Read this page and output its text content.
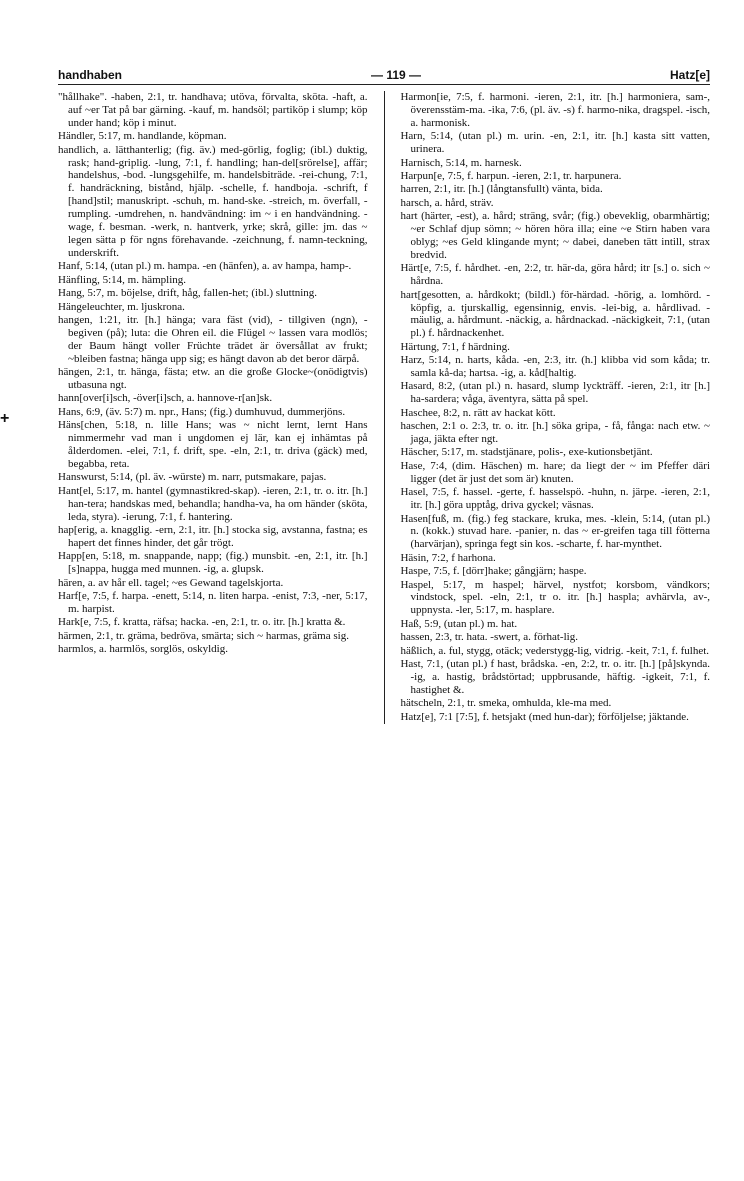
handhaben	— 119 —	Hatz[e]

"hållhake". -haben, 2:1, tr. handhava; utöva, förvalta, sköta. -haft, a. auf ~er Tat på bar gärning. -kauf, m. handsöl; partiköp i slump; köp under hand; köp i minut.

Händler, 5:17, m. handlande, köpman.

handlich, a. lätthanterlig; (fig. äv.) med-görlig, foglig; (ibl.) duktig, rask; hand-griplig. -lung, 7:1, f. handling; han-del[srörelse], affär; handelshus, -bod. -lungsgehilfe, m. handelsbiträde. -rei-chung, 7:1, f. handräckning, bistånd, hjälp. -schelle, f. handboja. -schrift, f [hand]stil; manuskript. -schuh, m. hand-ske. -streich, m. överfall, -rumpling. -umdrehen, n. handvändning: im ~ i en handvändning. -wage, f. besman. -werk, n. hantverk, yrke; skrå, gille: jm. das ~ legen sätta p för ngns förehavande. -zeichnung, f. namn-teckning, underskrift.

Hanf, 5:14, (utan pl.) m. hampa. -en (hänfen), a. av hampa, hamp-.

Hänfling, 5:14, m. hämpling.

Hang, 5:7, m. böjelse, drift, håg, fallen-het; (ibl.) sluttning.

Hängeleuchter, m. ljuskrona.

hangen, 1:21, itr. [h.] hänga; vara fäst (vid), - tillgiven (ngn), - begiven (på); luta: die Ohren eil. die Flügel ~ lassen vara modlös; der Baum hängt voller Früchte trädet är översållat av frukt; ~bleiben fastna; hänga upp sig; es hängt davon ab det beror därpå.

hängen, 2:1, tr. hänga, fästa; etw. an die große Glocke~(onödigtvis) utbasuna ngt.

hann[over[i]sch, -över[i]sch, a. hannove-r[an]sk.

Hans, 6:9, (äv. 5:7) m. npr., Hans; (fig.) dumhuvud, dummerjöns.

Häns[chen, 5:18, n. lille Hans; was ~ nicht lernt, lernt Hans nimmermehr vad man i ungdomen ej lär, kan ej inhämtas på ålderdomen. -elei, 7:1, f. drift, spe. -eln, 2:1, tr. driva (gäck) med, begabba, reta.

Hanswurst, 5:14, (pl. äv. -würste) m. narr, putsmakare, pajas.

Hant[el, 5:17, m. hantel (gymnastikred-skap). -ieren, 2:1, tr. o. itr. [h.] han-tera; handskas med, behandla; handha-va, ha om händer (sköta, leda, styra). -ierung, 7:1, f. hantering.

hap[erig, a. knagglig. -ern, 2:1, itr. [h.] stocka sig, avstanna, fastna; es hapert det finnes hinder, det går trögt.

Happ[en, 5:18, m. snappande, napp; (fig.) munsbit. -en, 2:1, itr. [h.] [s]nappa, hugga med munnen. -ig, a. glupsk.

hären, a. av hår ell. tagel; ~es Gewand tagelskjorta.

Harf[e, 7:5, f. harpa. -enett, 5:14, n. liten harpa. -enist, 7:3, -ner, 5:17, m. harpist.

Hark[e, 7:5, f. kratta, räfsa; hacka. -en, 2:1, tr. o. itr. [h.] kratta &.

härmen, 2:1, tr. gräma, bedröva, smärta; sich ~ harmas, gräma sig.

harmlos, a. harmlös, sorglös, oskyldig.

Harmon[ie, 7:5, f. harmoni. -ieren, 2:1, itr. [h.] harmoniera, sam-, överensstäm-ma. -ika, 7:6, (pl. äv. -s) f. harmo-nika, dragspel. -isch, a. harmonisk.

Harn, 5:14, (utan pl.) m. urin. -en, 2:1, itr. [h.] kasta sitt vatten, urinera.

Harnisch, 5:14, m. harnesk.

Harpun[e, 7:5, f. harpun. -ieren, 2:1, tr. harpunera.

harren, 2:1, itr. [h.] (långtansfullt) vänta, bida.

harsch, a. hård, sträv.

hart (härter, -est), a. hård; sträng, svår; (fig.) obeveklig, obarmhärtig; ~er Schlaf djup sömn; ~ hören höra illa; eine ~e Stirn haben vara oblyg; ~es Geld klingande mynt; ~ dabei, daneben tätt intill, strax bredvid.

Härt[e, 7:5, f. hårdhet. -en, 2:2, tr. här-da, göra hård; itr [s.] o. sich ~ hårdna.

hart[gesotten, a. hårdkokt; (bildl.) för-härdad. -hörig, a. lomhörd. -köpfig, a. tjurskallig, egensinnig, envis. -lei-big, a. hårdlivad. -mäulig, a. hårdmunt. -näckig, a. hårdnackad. -näckigkeit, 7:1, (utan pl.) f. hårdnackenhet.

Härtung, 7:1, f härdning.

Harz, 5:14, n. harts, kåda. -en, 2:3, itr. (h.] klibba vid som kåda; tr. samla kå-da; hartsa. -ig, a. kåd[haltig.

Hasard, 8:2, (utan pl.) n. hasard, slump lyckträff. -ieren, 2:1, itr [h.] ha-sardera; våga, äventyra, sätta på spel.

Haschee, 8:2, n. rätt av hackat kött.

haschen, 2:1 o. 2:3, tr. o. itr. [h.] söka gripa, - få, fånga: nach etw. ~ jaga, jäkta efter ngt.

Häscher, 5:17, m. stadstjänare, polis-, exe-kutionsbetjänt.

Hase, 7:4, (dim. Häschen) m. hare; da liegt der ~ im Pfeffer däri ligger (det är just det som är) knuten.

Hasel, 7:5, f. hassel. -gerte, f. hasselspö. -huhn, n. järpe. -ieren, 2:1, itr. [h.] göra upptåg, driva gyckel; väsnas.

Hasen[fuß, m. (fig.) feg stackare, kruka, mes. -klein, 5:14, (utan pl.) n. (kokk.) stuvad hare. -panier, n. das ~ er-greifen taga till fötterna (harvärjan), springa fegt sin kos. -scharte, f. har-mynthet.

Häsin, 7:2, f harhona.

Haspe, 7:5, f. [dörr]hake; gångjärn; haspe.

Haspel, 5:17, m haspel; härvel, nystfot; korsbom, vändkors; vindstock, spel. -eln, 2:1, tr o. itr. [h.] haspla; avhärvla, av-, uppnysta. -ler, 5:17, m. hasplare.

Haß, 5:9, (utan pl.) m. hat.

hassen, 2:3, tr. hata. -swert, a. förhat-lig.

häßlich, a. ful, stygg, otäck; vederstygg-lig, vidrig. -keit, 7:1, f. fulhet.

Hast, 7:1, (utan pl.) f hast, brådska. -en, 2:2, tr. o. itr. [h.] [på]skynda. -ig, a. hastig, brådstörtad; uppbrusande, häftig. -igkeit, 7:1, f. hastighet &.

hätscheln, 2:1, tr. smeka, omhulda, kle-ma med.

Hatz[e], 7:1 [7:5], f. hetsjakt (med hun-dar); förföljelse; jäktande.

+
